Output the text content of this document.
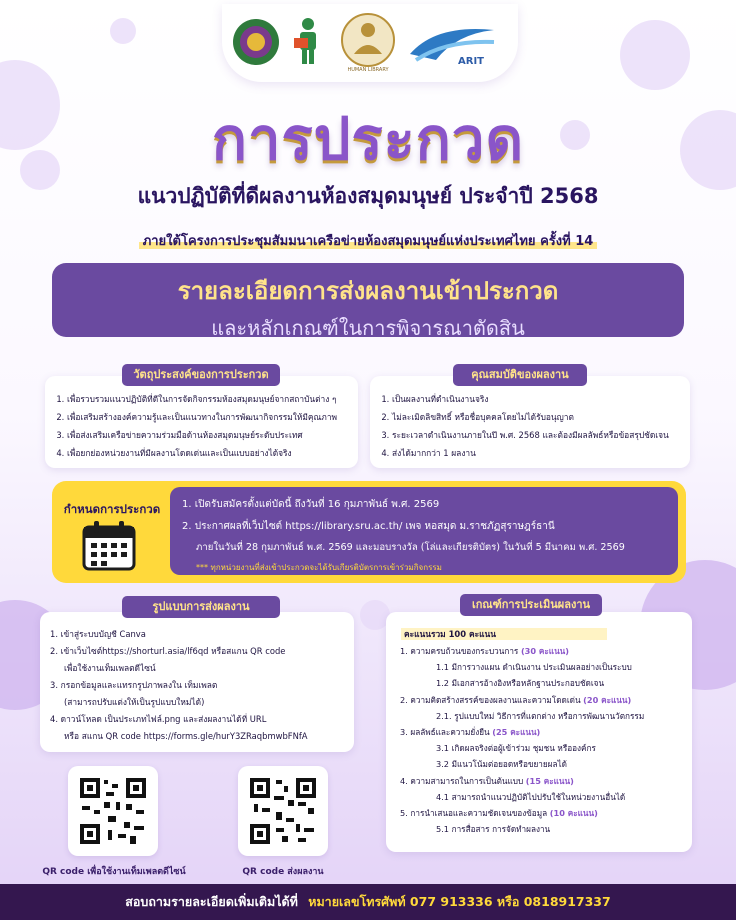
HUMAN LIBRARY
ARIT
การประกวด
แนวปฏิบัติที่ดีผลงานห้องสมุดมนุษย์ ประจำปี 2568
ภายใต้โครงการประชุมสัมมนาเครือข่ายห้องสมุดมนุษย์แห่งประเทศไทย ครั้งที่ 14
รายละเอียดการส่งผลงานเข้าประกวด
และหลักเกณฑ์ในการพิจารณาตัดสิน
1. เพื่อรวบรวมแนวปฏิบัติที่ดีในการจัดกิจกรรมห้องสมุดมนุษย์จากสถาบันต่าง ๆ
2. เพื่อเสริมสร้างองค์ความรู้และเป็นแนวทางในการพัฒนากิจกรรมให้มีคุณภาพ
3. เพื่อส่งเสริมเครือข่ายความร่วมมือด้านห้องสมุดมนุษย์ระดับประเทศ
4. เพื่อยกย่องหน่วยงานที่มีผลงานโดดเด่นและเป็นแบบอย่างได้จริง
วัตถุประสงค์ของการประกวด
1. เป็นผลงานที่ดำเนินงานจริง
2. ไม่ละเมิดลิขสิทธิ์ หรือชื่อบุคคลโดยไม่ได้รับอนุญาต
3. ระยะเวลาดำเนินงานภายในปี พ.ศ. 2568 และต้องมีผลลัพธ์หรือข้อสรุปชัดเจน
4. ส่งได้มากกว่า 1 ผลงาน
คุณสมบัติของผลงาน
กำหนดการประกวด 1. เปิดรับสมัครตั้งแต่บัดนี้ ถึงวันที่ 16 กุมภาพันธ์ พ.ศ. 2569
2. ประกาศผลที่เว็บไซต์ https://library.sru.ac.th/ เพจ หอสมุด ม.ราชภัฏสุราษฎร์ธานี
ภายในวันที่ 28 กุมภาพันธ์ พ.ศ. 2569 และมอบรางวัล (โล่และเกียรติบัตร) ในวันที่ 5 มีนาคม พ.ศ. 2569
*** ทุกหน่วยงานที่ส่งเข้าประกวดจะได้รับเกียรติบัตรการเข้าร่วมกิจกรรม
1. เข้าสู่ระบบบัญชี Canva
2. เข้าเว็บไซต์https://shorturl.asia/lf6qd หรือสแกน QR code
เพื่อใช้งานเท็มเพลตดีไซน์
3. กรอกข้อมูลและแทรกรูปภาพลงใน เท็มเพลต
(สามารถปรับแต่งให้เป็นรูปแบบใหม่ได้)
4. ดาวน์โหลด เป็นประเภทไฟล์.png และส่งผลงานได้ที่ URL
หรือ สแกน QR code https://forms.gle/hurY3ZRaqbmwbFNfA
รูปแบบการส่งผลงาน
QR code เพื่อใช้งานเท็มเพลตดีไซน์	QR code ส่งผลงาน
คะแนนรวม 100 คะแนน
1. ความครบถ้วนของกระบวนการ (30 คะแนน)
1.1 มีการวางแผน ดำเนินงาน ประเมินผลอย่างเป็นระบบ
1.2 มีเอกสารอ้างอิงหรือหลักฐานประกอบชัดเจน
2. ความคิดสร้างสรรค์ของผลงานและความโดดเด่น (20 คะแนน)
2.1. รูปแบบใหม่ วิธีการที่แตกต่าง หรือการพัฒนานวัตกรรม
3. ผลลัพธ์และความยั่งยืน (25 คะแนน)
3.1 เกิดผลจริงต่อผู้เข้าร่วม ชุมชน หรือองค์กร
3.2 มีแนวโน้มต่อยอดหรือขยายผลได้
4. ความสามารถในการเป็นต้นแบบ (15 คะแนน)
4.1 สามารถนำแนวปฏิบัติไปปรับใช้ในหน่วยงานอื่นได้
5. การนำเสนอและความชัดเจนของข้อมูล (10 คะแนน)
5.1 การสื่อสาร การจัดทำผลงาน
เกณฑ์การประเมินผลงาน
สอบถามรายละเอียดเพิ่มเติมได้ที่ หมายเลขโทรศัพท์ 077 913336 หรือ 0818917337
